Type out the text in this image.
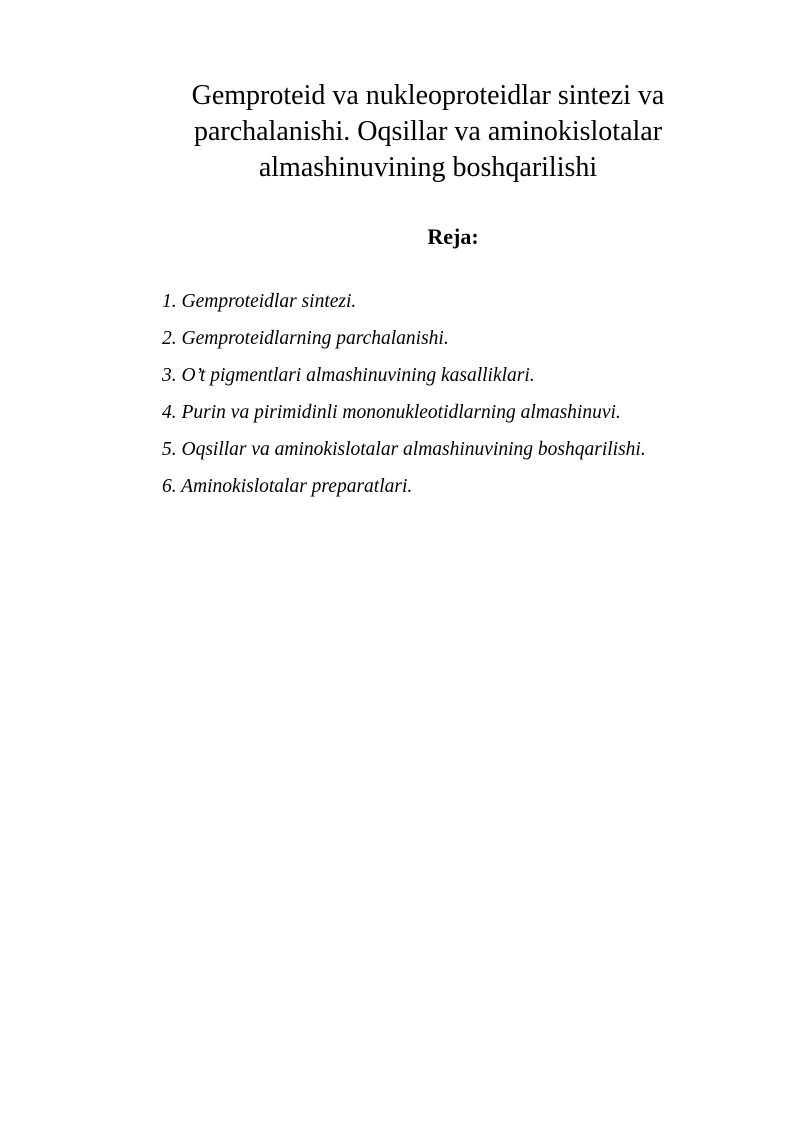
Gemproteid va nukleoproteidlar sintezi va
parchalanishi. Oqsillar va aminokislotalar
almashinuvining boshqarilishi
Reja:
1. Gemproteidlar sintezi.
2. Gemproteidlarning parchalanishi.
3. O’t pigmentlari almashinuvining kasalliklari.
4. Purin va pirimidinli mononukleotidlarning almashinuvi.
5. Oqsillar va aminokislotalar almashinuvining boshqarilishi.
6. Aminokislotalar preparatlari.
